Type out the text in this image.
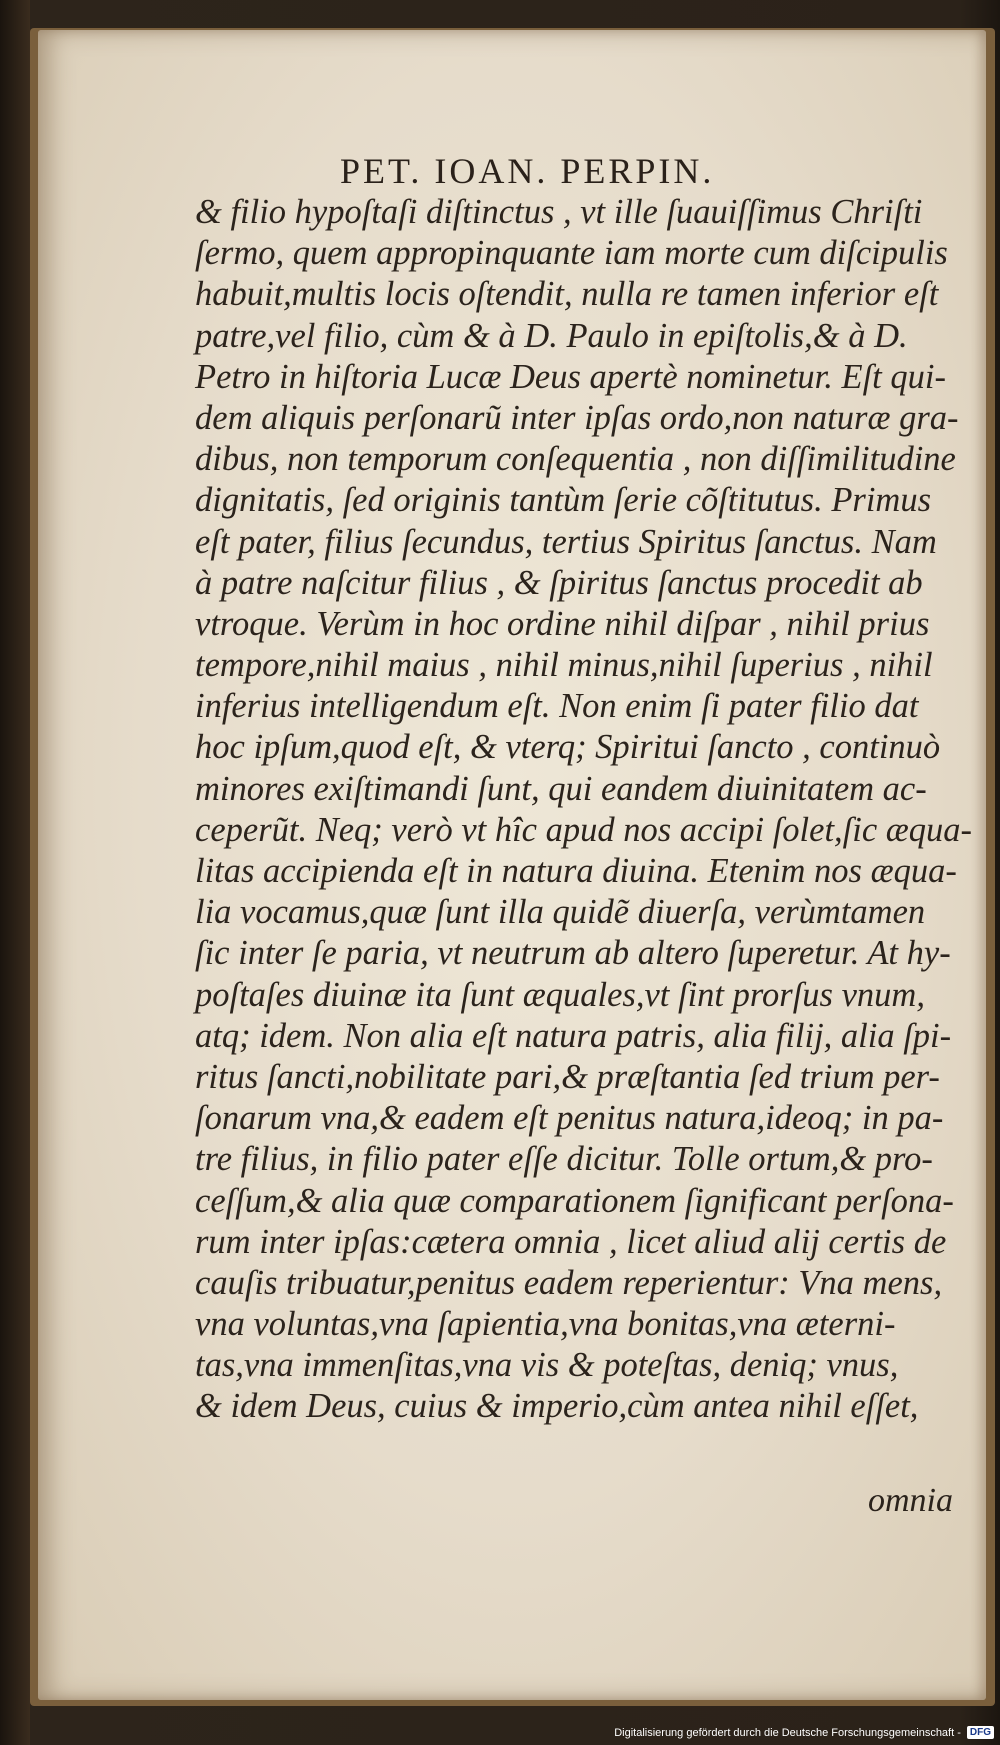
PET. IOAN. PERPIN.
& filio hypoſtaſi diſtinctus , vt ille ſuauiſſimus Chriſti
ſermo, quem appropinquante iam morte cum diſcipulis
habuit,multis locis oſtendit, nulla re tamen inferior eſt
patre,vel filio, cùm & à D. Paulo in epiſtolis,& à D.
Petro in hiſtoria Lucæ Deus apertè nominetur. Eſt qui-
dem aliquis perſonarũ inter ipſas ordo,non naturæ gra-
dibus, non temporum conſequentia , non diſſimilitudine
dignitatis, ſed originis tantùm ſerie cõſtitutus. Primus
eſt pater, filius ſecundus, tertius Spiritus ſanctus. Nam
à patre naſcitur filius , & ſpiritus ſanctus procedit ab
vtroque. Verùm in hoc ordine nihil diſpar , nihil prius
tempore,nihil maius , nihil minus,nihil ſuperius , nihil
inferius intelligendum eſt. Non enim ſi pater filio dat
hoc ipſum,quod eſt, & vterq; Spiritui ſancto , continuò
minores exiſtimandi ſunt, qui eandem diuinitatem ac-
ceperũt. Neq; verò vt hîc apud nos accipi ſolet,ſic æqua-
litas accipienda eſt in natura diuina. Etenim nos æqua-
lia vocamus,quæ ſunt illa quidẽ diuerſa, verùmtamen
ſic inter ſe paria, vt neutrum ab altero ſuperetur. At hy-
poſtaſes diuinæ ita ſunt æquales,vt ſint prorſus vnum,
atq; idem. Non alia eſt natura patris, alia filij, alia ſpi-
ritus ſancti,nobilitate pari,& præſtantia ſed trium per-
ſonarum vna,& eadem eſt penitus natura,ideoq; in pa-
tre filius, in filio pater eſſe dicitur. Tolle ortum,& pro-
ceſſum,& alia quæ comparationem ſignificant perſona-
rum inter ipſas:cætera omnia , licet aliud alij certis de
cauſis tribuatur,penitus eadem reperientur: Vna mens,
vna voluntas,vna ſapientia,vna bonitas,vna æterni-
tas,vna immenſitas,vna vis & poteſtas, deniq; vnus,
& idem Deus, cuius & imperio,cùm antea nihil eſſet,
omnia
Digitalisierung gefördert durch die Deutsche Forschungsgemeinschaft - DFG
